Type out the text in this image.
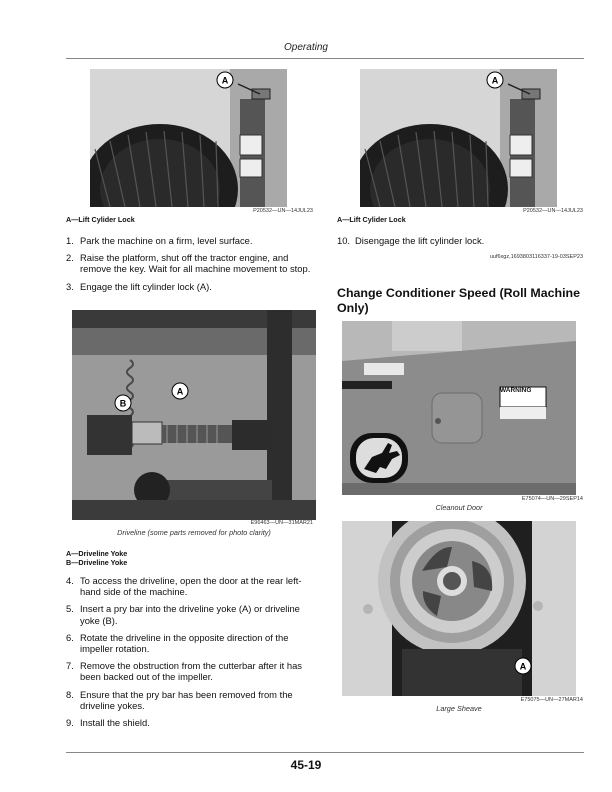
Operating
A
P20532—UN—14JUL23
A—Lift Cylider Lock
1. Park the machine on a firm, level surface.
2. Raise the platform, shut off the tractor engine, and remove the key. Wait for all machine movement to stop.
3. Engage the lift cylinder lock (A).
B
A
E96463—UN—31MAR21
Driveline (some parts removed for photo clarity)
A—Driveline Yoke
B—Driveline Yoke
4. To access the driveline, open the door at the rear left-hand side of the machine.
5. Insert a pry bar into the driveline yoke (A) or driveline yoke (B).
6. Rotate the driveline in the opposite direction of the impeller rotation.
7. Remove the obstruction from the cutterbar after it has been backed out of the impeller.
8. Ensure that the pry bar has been removed from the driveline yokes.
9. Install the shield.
A
P20532—UN—14JUL23
A—Lift Cylider Lock
10. Disengage the lift cylinder lock.
uuf6xgz,1693803116337-19-03SEP23
Change Conditioner Speed (Roll Machine Only)
WARNING
E75074—UN—29SEP14
Cleanout Door
A
E75075—UN—27MAR14
Large Sheave
45-19
